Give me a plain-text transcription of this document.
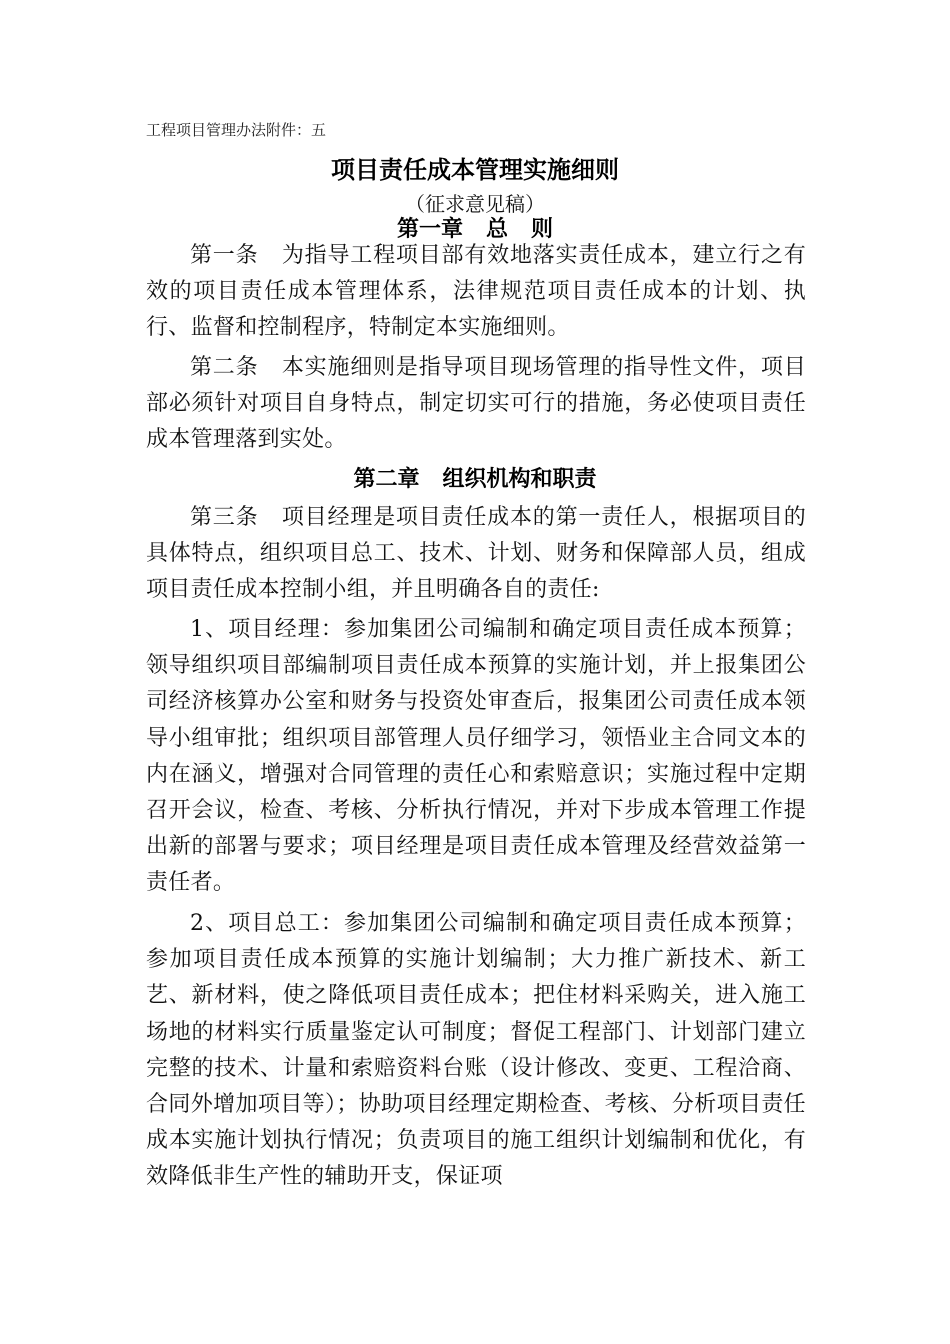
工程项目管理办法附件：五
项目责任成本管理实施细则
（征求意见稿）
第一章   总   则
第一条   为指导工程项目部有效地落实责任成本，建立行之有效的项目责任成本管理体系，法律规范项目责任成本的计划、执行、监督和控制程序，特制定本实施细则。
第二条   本实施细则是指导项目现场管理的指导性文件，项目部必须针对项目自身特点，制定切实可行的措施，务必使项目责任成本管理落到实处。
第二章   组织机构和职责
第三条   项目经理是项目责任成本的第一责任人，根据项目的具体特点，组织项目总工、技术、计划、财务和保障部人员，组成项目责任成本控制小组，并且明确各自的责任:
1、项目经理：参加集团公司编制和确定项目责任成本预算；领导组织项目部编制项目责任成本预算的实施计划，并上报集团公司经济核算办公室和财务与投资处审查后，报集团公司责任成本领导小组审批；组织项目部管理人员仔细学习，领悟业主合同文本的内在涵义，增强对合同管理的责任心和索赔意识；实施过程中定期召开会议，检查、考核、分析执行情况，并对下步成本管理工作提出新的部署与要求；项目经理是项目责任成本管理及经营效益第一责任者。
2、项目总工：参加集团公司编制和确定项目责任成本预算；参加项目责任成本预算的实施计划编制；大力推广新技术、新工艺、新材料，使之降低项目责任成本；把住材料采购关，进入施工场地的材料实行质量鉴定认可制度；督促工程部门、计划部门建立完整的技术、计量和索赔资料台账（设计修改、变更、工程洽商、合同外增加项目等）；协助项目经理定期检查、考核、分析项目责任成本实施计划执行情况；负责项目的施工组织计划编制和优化，有效降低非生产性的辅助开支，保证项
